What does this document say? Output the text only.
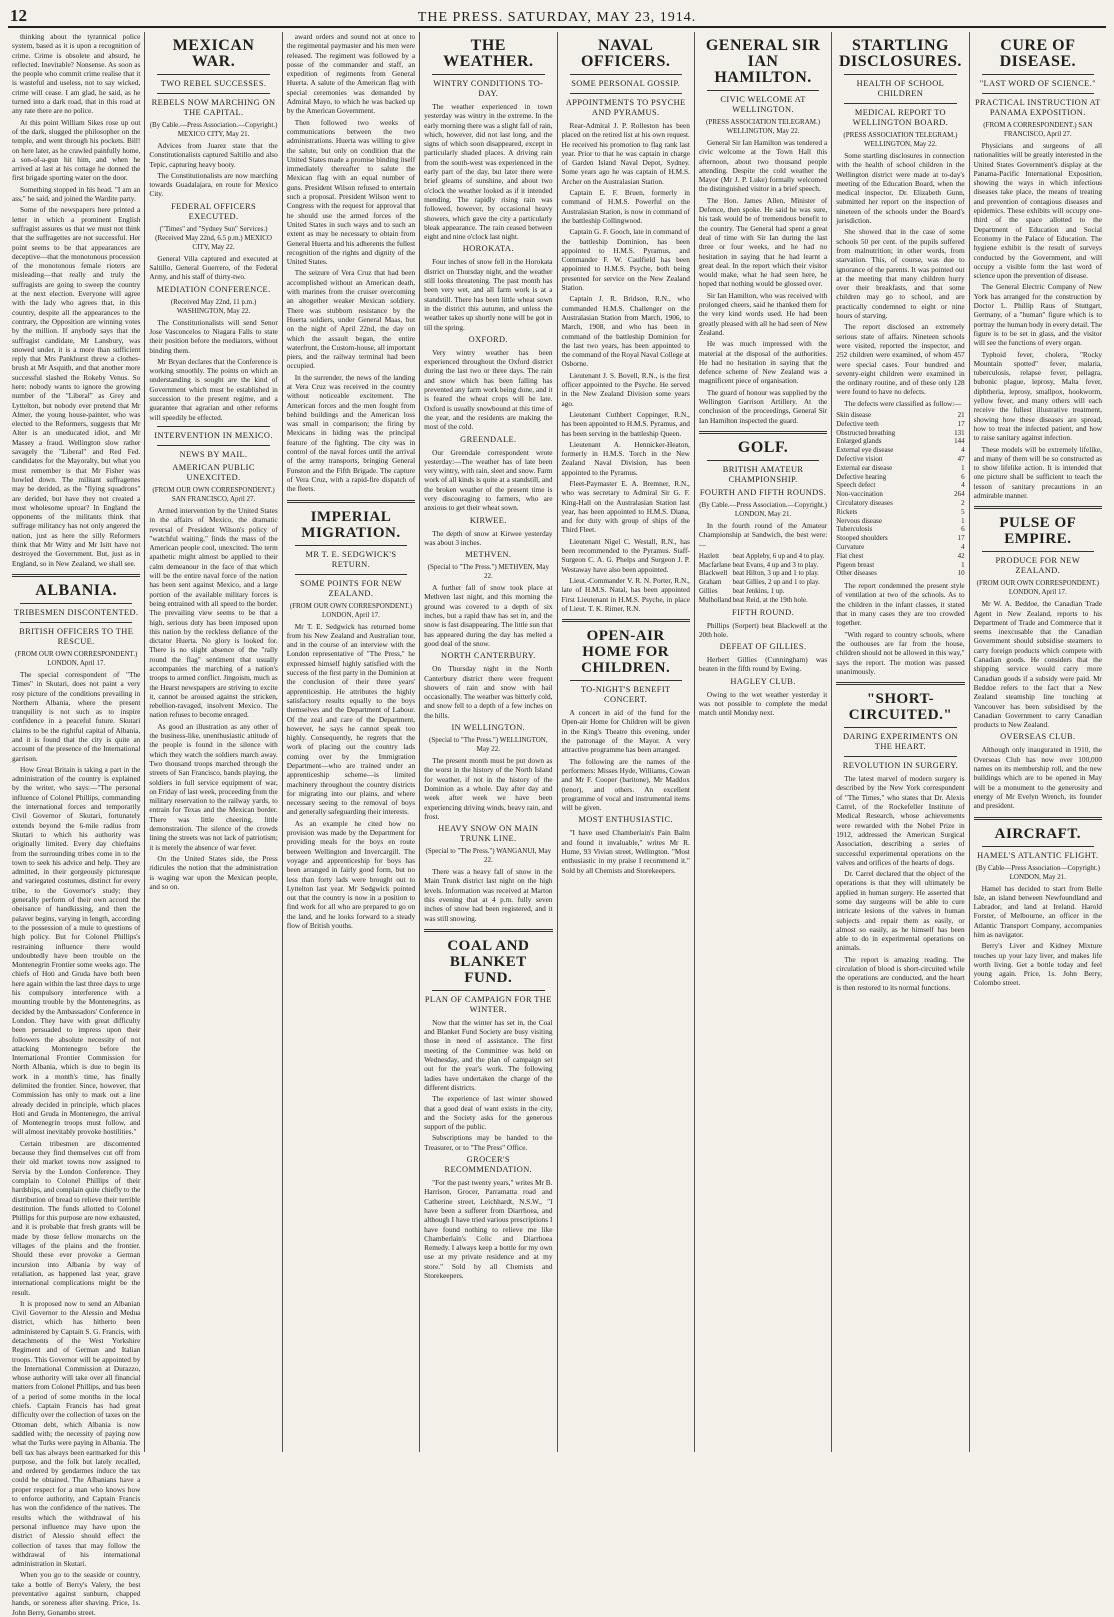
12	THE PRESS. SATURDAY, MAY 23, 1914.

thinking about the tyrannical police system, based as it is upon a recognition of crime. Crime is obsolete and absurd, he reflected. Inevitable? Nonsense. As soon as the people who commit crime realise that it is wasteful and useless, not to say wicked, crime will cease. I am glad, he said, as he turned into a dark road, that in this road at any rate there are no police.

At this point William Sikes rose up out of the dark, slugged the philosopher on the temple, and went through his pockets. Bill! on here later, as he crawled painfully home, a son-of-a-gun hit him, and when he arrived at last at his cottage he donned the first brigade sporting water on the door.

Something stopped in his head. "I am an ass," he said, and joined the Wardite party.

Some of the newspapers here printed a letter in which a prominent English suffragist assures us that we must not think that the suffragettes are not successful. Her point seems to be that appearances are deceptive—that the monotonous procession of the monotonous female rioters are misleading—that really and truly the suffragists are going to sweep the country at the next election. Everyone will agree with the lady who agrees that, in this country, despite all the appearances to the contrary, the Opposition are winning votes by the million. If anybody says that the suffragist candidate, Mr Lansbury, was snowed under, it is a more than sufficient reply that Mrs Pankhurst threw a clothes-brush at Mr Asquith, and that another more successful slashed the Rokeby Venus. So here: nobody wants to ignore the growing number of the "Liberal" as Grey and Lyttelton, but nobody ever pretend that Mr Almer, the young house-painter, who was elected to the Reformers, suggests that Mr Alter is an uneducated idiot, and Mr Massey a fraud. Wellington slow rather savagely the "Liberal" and Red Fed. candidates for the Mayoralty, but what you must remember is that Mr Fisher was howled down. The militant suffragettes may be derided, as the "flying squadrons" are derided, but have they not created a most wholesome uproar? In England the opponents of the militants think that suffrage militancy has not only angered the nation, just as here the silly Reformers think that Mr Witty and Mr Isitt have not destroyed the Government. But, just as in England, so in New Zealand, we shall see.

ALBANIA.
TRIBESMEN DISCONTENTED.
BRITISH OFFICERS TO THE RESCUE.
(FROM OUR OWN CORRESPONDENT.) LONDON, April 17.

The special correspondent of "The Times" in Skutari, does not paint a very rosy picture of the conditions prevailing in Northern Albania, where the present tranquility is not such as to inspire confidence in a peaceful future. Skutari claims to be the rightful capital of Albania, and it is found that the city is quite an account of the presence of the International garrison.

How Great Britain is taking a part in the administration of the country is explained by the writer, who says:—"The personal influence of Colonel Phillips, commanding the international forces and temporarily Civil Governor of Skutari, fortunately extends beyond the 6-mile radius from Skutari to which his authority was originally limited. Every day chieftains from the surrounding tribes come in to the town to seek his advice and help. They are admitted, in their gorgeously picturesque and variegated costumes, distinct for every tribe, to the Governor's study; they generally perform of their own accord the obeisance of handkissing, and then the palaver begins, varying in length, according to the possession of a mule to questions of high policy. But for Colonel Phillips's restraining influence there would undoubtedly have been trouble on the Montenegrin Frontier some weeks ago. The chiefs of Hoti and Gruda have both been here again within the last three days to urge his compulsory interference with a mounting trouble by the Montenegrins, as decided by the Ambassadors' Conference in London. They have with great difficulty been persuaded to impress upon their followers the absolute necessity of not attacking Montenegro before the International Frontier Commission for North Albania, which is due to begin its work in a month's time, has finally delimited the frontier. Since, however, that Commission has only to mark out a line already decided in principle, which places Hoti and Gruda in Montenegro, the arrival of Montenegrin troops must follow, and will almost inevitably provoke hostilities."

Certain tribesmen are discontented because they find themselves cut off from their old market towns now assigned to Servia by the London Conference. They complain to Colonel Phillips of their hardships, and complain quite chiefly to the distribution of bread to relieve their terrible destitution. The funds allotted to Colonel Phillips for this purpose are now exhausted, and it is probable that fresh grants will be made by those fellow monarchs on the villages of the plains and the frontier. Should these ever provoke a German incursion into Albania by way of retaliation, as happened last year, grave international complications might be the result.

It is proposed now to send an Albanian Civil Governor to the Alessio and Medua district, which has hitherto been administered by Captain S. G. Francis, with detachments of the West Yorkshire Regiment and of German and Italian troops. This Governor will be appointed by the International Commission at Durazzo, whose authority will take over all financial matters from Colonel Phillips, and has been of a period of some months in the local chiefs. Captain Francis has had great difficulty over the collection of taxes on the Ottoman debt, which Albania is now saddled with; the necessity of paying now what the Turks were paying in Albania. The bell tax has always been earmarked for this purpose, and the folk but lately recalled, and ordered by gendarmes induce the tax could be obtained. The Albanians have a proper respect for a man who knows how to enforce authority, and Captain Francis has won the confidence of the natives. The results which the withdrawal of his personal influence may have upon the district of Alessio should effect the collection of taxes that may follow the withdrawal of his international administration in Skutari.

When you go to the seaside or country, take a bottle of Berry's Valery, the best preventative against sunburn, chapped hands, or soreness after shaving. Price, 1s. John Berry, Gonambo street.

MEXICAN WAR.
TWO REBEL SUCCESSES.
REBELS NOW MARCHING ON THE CAPITAL.
(By Cable.—Press Association.—Copyright.) MEXICO CITY, May 21.

Advices from Juarez state that the Constitutionalists captured Saltillo and also Tepic, capturing heavy booty.

The Constitutionalists are now marching towards Guadalajara, en route for Mexico City.

FEDERAL OFFICERS EXECUTED.
("Times" and "Sydney Sun" Services.) (Received May 22nd, 6.5 p.m.) MEXICO CITY, May 22.

General Villa captured and executed at Saltillo, General Guerrero, of the Federal Army, and his staff of thirty-two.

MEDIATION CONFERENCE.
(Received May 22nd, 11 p.m.) WASHINGTON, May 22.

The Constitutionalists will send Senor Jose Vasconcelos to Niagara Falls to state their position before the mediators, without binding them.

Mr Bryan declares that the Conference is working smoothly. The points on which an understanding is sought are the kind of Government which must be established in succession to the present regime, and a guarantee that agrarian and other reforms will speedily be effected.

INTERVENTION IN MEXICO.
NEWS BY MAIL.
AMERICAN PUBLIC UNEXCITED.
(FROM OUR OWN CORRESPONDENT.) SAN FRANCISCO, April 27.

Armed intervention by the United States in the affairs of Mexico, the dramatic reversal of President Wilson's policy of "watchful waiting," finds the mass of the American people cool, unexcited. The term apathetic might almost be applied to their calm demeanour in the face of that which will be the entire naval force of the nation has been sent against Mexico, and a large portion of the available military forces is being entrained with all speed to the border. The prevailing view seems to be that a high, serious duty has been imposed upon this nation by the reckless defiance of the dictator Huerta. No glory is looked for. There is no slight absence of the "rally round the flag" sentiment that usually accompanies the marching of a nation's troops to armed conflict. Jingoism, much as the Hearst newspapers are striving to excite it, cannot be aroused against the stricken, rebellion-ravaged, insolvent Mexico. The nation refuses to become enraged.

As good an illustration as any other of the business-like, unenthusiastic attitude of the people is found in the silence with which they watch the soldiers march away. Two thousand troops marched through the streets of San Francisco, bands playing, the soldiers in full service equipment of war, on Friday of last week, proceeding from the military reservation to the railway yards, to entrain for Texas and the Mexican border. There was little cheering, little demonstration. The silence of the crowds lining the streets was not lack of patriotism; it is merely the absence of war fever.

On the United States side, the Press ridicules the notion that the administration is waging war upon the Mexican people, and so on.

award orders and sound not at once to the regimental paymaster and his men were released. The regiment was followed by a posse of the commander and staff, an expedition of regiments from General Huerta. A salute of the American flag with special ceremonies was demanded by Admiral Mayo, to which he was backed up by the American Government.

Then followed two weeks of communications between the two administrations. Huerta was willing to give the salute, but only on condition that the United States made a promise binding itself immediately thereafter to salute the Mexican flag with an equal number of guns. President Wilson refused to entertain such a proposal. President Wilson went to Congress with the request for approval that he should use the armed forces of the United States in such ways and to such an extent as may be necessary to obtain from General Huerta and his adherents the fullest recognition of the rights and dignity of the United States.

The seizure of Vera Cruz that had been accomplished without an American death, with marines from the cruiser overcoming an altogether weaker Mexican soldiery. There was stubborn resistance by the Huerta soldiers, under General Maas, but on the night of April 22nd, the day on which the assault began, the entire waterfront, the Custom-house, all important piers, and the railway terminal had been occupied.

In the surrender, the news of the landing at Vera Cruz was received in the country without noticeable excitement. The American forces and the men fought from behind buildings and the American loss was small in comparison; the firing by Mexicans in hiding was the principal feature of the fighting. The city was in control of the naval forces until the arrival of the army transports, bringing General Funston and the Fifth Brigade. The capture of Vera Cruz, with a rapid-fire dispatch of the fleets.

IMPERIAL MIGRATION.
MR T. E. SEDGWICK'S RETURN.
SOME POINTS FOR NEW ZEALAND.
(FROM OUR OWN CORRESPONDENT.) LONDON, April 17.

Mr T. E. Sedgwick has returned home from his New Zealand and Australian tour, and in the course of an interview with the London representative of "The Press," he expressed himself highly satisfied with the success of the first party in the Dominion at the conclusion of their three years' apprenticeship. He attributes the highly satisfactory results equally to the boys themselves and the Department of Labour. Of the zeal and care of the Department, however, he says he cannot speak too highly. Consequently, he regrets that the work of placing out the country lads coming over by the Immigration Department—who are trained under an apprenticeship scheme—is limited machinery throughout the country districts for migrating into our plains, and where necessary seeing to the removal of boys and generally safeguarding their interests.

As an example he cited how no provision was made by the Department for providing meals for the boys en route between Wellington and Invercargill. The voyage and apprenticeship for boys has been arranged in fairly good form, but no less than forty lads were brought out to Lyttelton last year. Mr Sedgwick pointed out that the country is now in a position to find work for all who are prepared to go on the land, and he looks forward to a steady flow of British youths.

THE WEATHER.
WINTRY CONDITIONS TO-DAY.

The weather experienced in town yesterday was wintry in the extreme. In the early morning there was a slight fall of rain, which, however, did not last long, and the signs of which soon disappeared, except in particularly shaded places. A driving rain from the south-west was experienced in the early part of the day, but later there were brief gleams of sunshine, and about two o'clock the weather looked as if it intended mending. The rapidly rising rain was followed, however, by occasional heavy showers, which gave the city a particularly bleak appearance. The rain ceased between eight and nine o'clock last night.

HOROKATA.

Four inches of snow fell in the Horokata district on Thursday night, and the weather still looks threatening. The past month has been very wet, and all farm work is at a standstill. There has been little wheat sown in the district this autumn, and unless the weather takes up shortly none will be got in till the spring.

OXFORD.

Very wintry weather has been experienced throughout the Oxford district during the last two or three days. The rain and snow which has been falling has prevented any farm work being done, and it is feared the wheat crops will be late. Oxford is usually snowbound at this time of the year, and the residents are making the most of the cold.

GREENDALE.

Our Greendale correspondent wrote yesterday:—The weather has of late been very wintry, with rain, sleet and snow. Farm work of all kinds is quite at a standstill, and the broken weather of the present time is very discouraging to farmers, who are anxious to get their wheat sown.

KIRWEE.

The depth of snow at Kirwee yesterday was about 3 inches.

METHVEN.
(Special to "The Press.") METHVEN, May 22.

A further fall of snow took place at Methven last night, and this morning the ground was covered to a depth of six inches, but a rapid thaw has set in, and the snow is fast disappearing. The little sun that has appeared during the day has melted a good deal of the snow.

NORTH CANTERBURY.

On Thursday night in the North Canterbury district there were frequent showers of rain and snow with hail occasionally. The weather was bitterly cold, and snow fell to a depth of a few inches on the hills.

IN WELLINGTON.
(Special to "The Press.") WELLINGTON, May 22.

The present month must be put down as the worst in the history of the North Island for weather, if not in the history of the Dominion as a whole. Day after day and week after week we have been experiencing driving winds, heavy rain, and frost.

HEAVY SNOW ON MAIN TRUNK LINE.
(Special to "The Press.") WANGANUI, May 22.

There was a heavy fall of snow in the Main Trunk district last night on the high levels. Information was received at Marton this evening that at 4 p.m. fully seven inches of snow had been registered, and it was still snowing.

COAL AND BLANKET FUND.
PLAN OF CAMPAIGN FOR THE WINTER.

Now that the winter has set in, the Coal and Blanket Fund Society are busy visiting those in need of assistance. The first meeting of the Committee was held on Wednesday, and the plan of campaign set out for the year's work. The following ladies have undertaken the charge of the different districts.

The experience of last winter showed that a good deal of want exists in the city, and the Society asks for the generous support of the public.

Subscriptions may be handed to the Treasurer, or to "The Press" Office.

GROCER'S RECOMMENDATION.

"For the past twenty years," writes Mr B. Harrison, Grocer, Parramatta road and Catherine street, Leichhardt, N.S.W., "I have been a sufferer from Diarrhoea, and although I have tried various prescriptions I have found nothing to relieve me like Chamberlain's Colic and Diarrhoea Remedy. I always keep a bottle for my own use at my private residence and at my store." Sold by all Chemists and Storekeepers.

NAVAL OFFICERS.
SOME PERSONAL GOSSIP.
APPOINTMENTS TO PSYCHE AND PYRAMUS.

Rear-Admiral J. P. Rolleston has been placed on the retired list at his own request. He received his promotion to flag rank last year. Prior to that he was captain in charge of Garden Island Naval Depot, Sydney. Some years ago he was captain of H.M.S. Archer on the Australasian Station.

Captain E. F. Bruen, formerly in command of H.M.S. Powerful on the Australasian Station, is now in command of the battleship Collingwood.

Captain G. F. Gooch, late in command of the battleship Dominion, has been appointed to H.M.S. Pyramus, and Commander F. W. Caulfield has been appointed to H.M.S. Psyche, both being presented for service on the New Zealand Station.

Captain J. R. Bridson, R.N., who commanded H.M.S. Challenger on the Australasian Station from March, 1906, to March, 1908, and who has been in command of the battleship Dominion for the last two years, has been appointed to the command of the Royal Naval College at Osborne.

Lieutenant J. S. Bovell, R.N., is the first officer appointed to the Psyche. He served in the New Zealand Division some years ago.

Lieutenant Cuthbert Coppinger, R.N., has been appointed to H.M.S. Pyramus, and has been serving in the battleship Queen.

Lieutenant A. Hennicker-Heaton, formerly in H.M.S. Torch in the New Zealand Naval Division, has been appointed to the Pyramus.

Fleet-Paymaster E. A. Bremner, R.N., who was secretary to Admiral Sir G. F. King-Hall on the Australasian Station last year, has been appointed to H.M.S. Diana, and for duty with group of ships of the Third Fleet.

Lieutenant Nigel C. Westall, R.N., has been recommended to the Pyramus. Staff-Surgeon C. A. G. Phelps and Surgeon J. P. Westaway have also been appointed.

Lieut.-Commander V. R. N. Porter, R.N., late of H.M.S. Natal, has been appointed First Lieutenant in H.M.S. Psyche, in place of Lieut. T. K. Rimer, R.N.

OPEN-AIR HOME FOR CHILDREN.
TO-NIGHT'S BENEFIT CONCERT.

A concert in aid of the fund for the Open-air Home for Children will be given in the King's Theatre this evening, under the patronage of the Mayor. A very attractive programme has been arranged.

The following are the names of the performers: Misses Hyde, Williams, Cowan and Mr F. Cooper (baritone), Mr Maddox (tenor), and others. An excellent programme of vocal and instrumental items will be given.

MOST ENTHUSIASTIC.

"I have used Chamberlain's Pain Balm and found it invaluable," writes Mr R. Hume, 93 Vivian street, Wellington. "Most enthusiastic in my praise I recommend it." Sold by all Chemists and Storekeepers.

GENERAL SIR IAN HAMILTON.
CIVIC WELCOME AT WELLINGTON.
(PRESS ASSOCIATION TELEGRAM.) WELLINGTON, May 22.

General Sir Ian Hamilton was tendered a civic welcome at the Town Hall this afternoon, about two thousand people attending. Despite the cold weather the Mayor (Mr J. P. Luke) formally welcomed the distinguished visitor in a brief speech.

The Hon. James Allen, Minister of Defence, then spoke. He said he was sure, his task would be of tremendous benefit to the country. The General had spent a great deal of time with Sir Ian during the last three or four weeks, and he had no hesitation in saying that he had learnt a great deal. In the report which their visitor would make, what he had seen here, he hoped that nothing would be glossed over.

Sir Ian Hamilton, who was received with prolonged cheers, said he thanked them for the very kind words used. He had been greatly pleased with all he had seen of New Zealand.

He was much impressed with the material at the disposal of the authorities. He had no hesitation in saying that the defence scheme of New Zealand was a magnificent piece of organisation.

The guard of honour was supplied by the Wellington Garrison Artillery. At the conclusion of the proceedings, General Sir Ian Hamilton inspected the guard.

GOLF.
BRITISH AMATEUR CHAMPIONSHIP.
FOURTH AND FIFTH ROUNDS.
(By Cable.—Press Association.—Copyright.) LONDON, May 21.

In the fourth round of the Amateur Championship at Sandwich, the best were:—

Hazlett	beat Appleby, 6 up and 4 to play.
Macfarlane	beat Evans, 4 up and 3 to play.
Blackwell	beat Hilton, 3 up and 1 to play.
Graham	beat Gillies, 2 up and 1 to play.
Gillies	beat Jenkins, 1 up.
Mulholland	beat Reid, at the 19th hole.
FIFTH ROUND.

Phillips (Sorpert) beat Blackwell at the 20th hole.

DEFEAT OF GILLIES.

Herbert Gillies (Cunningham) was beaten in the fifth round by Ewing.

HAGLEY CLUB.

Owing to the wet weather yesterday it was not possible to complete the medal match until Monday next.

STARTLING DISCLOSURES.
HEALTH OF SCHOOL CHILDREN
MEDICAL REPORT TO WELLINGTON BOARD.
(PRESS ASSOCIATION TELEGRAM.) WELLINGTON, May 22.

Some startling disclosures in connection with the health of school children in the Wellington district were made at to-day's meeting of the Education Board, when the medical inspector, Dr. Elizabeth Gunn, submitted her report on the inspection of nineteen of the schools under the Board's jurisdiction.

She showed that in the case of some schools 50 per cent. of the pupils suffered from malnutrition; in other words, from starvation. This, of course, was due to ignorance of the parents. It was pointed out at the meeting that many children hurry over their breakfasts, and that some children may go to school, and are practically condemned to eight or nine hours of starving.

The report disclosed an extremely serious state of affairs. Nineteen schools were visited, reported the inspector, and 252 children were examined, of whom 457 were special cases. Four hundred and seventy-eight children were examined in the ordinary routine, and of these only 128 were found to have no defects.

The defects were classified as follow:—

Skin disease	21
Defective teeth	17
Obstructed breathing	131
Enlarged glands	144
External eye disease	4
Defective vision	47
External ear disease	1
Defective hearing	6
Speech defect	4
Non-vaccination	264
Circulatory diseases	2
Rickets	5
Nervous disease	1
Tuberculosis	6
Stooped shoulders	17
Curvature	4
Flat chest	42
Pigeon breast	1
Other diseases	10

The report condemned the present style of ventilation at two of the schools. As to the children in the infant classes, it stated that in many cases they are too crowded together.

"With regard to country schools, where the outhouses are far from the house, children should not be allowed in this way," says the report. The motion was passed unanimously.

"SHORT-CIRCUITED."
DARING EXPERIMENTS ON THE HEART.
REVOLUTION IN SURGERY.

The latest marvel of modern surgery is described by the New York correspondent of "The Times," who states that Dr. Alexis Carrel, of the Rockefeller Institute of Medical Research, whose achievements were rewarded with the Nobel Prize in 1912, addressed the American Surgical Association, describing a series of successful experimental operations on the valves and orifices of the hearts of dogs.

Dr. Carrel declared that the object of the operations is that they will ultimately be applied in human surgery. He asserted that some day surgeons will be able to cure intricate lesions of the valves in human subjects and repair them as easily, or almost so easily, as he himself has been able to do in experimental operations on animals.

The report is amazing reading. The circulation of blood is short-circuited while the operations are conducted, and the heart is then restored to its normal functions.

CURE OF DISEASE.
"LAST WORD OF SCIENCE."
PRACTICAL INSTRUCTION AT PANAMA EXPOSITION.
(FROM A CORRESPONDENT.) SAN FRANCISCO, April 27.

Physicians and surgeons of all nationalities will be greatly interested in the United States Government's display at the Panama-Pacific International Exposition, showing the ways in which infectious diseases take place, the means of treating and prevention of contagious diseases and epidemics. These exhibits will occupy one-third of the space allotted to the Department of Education and Social Economy in the Palace of Education. The hygiene exhibit is the result of surveys conducted by the Government, and will occupy a visible form the last word of science upon the prevention of disease.

The General Electric Company of New York has arranged for the construction by Doctor L. Phillip Raus of Stuttgart, Germany, of a "human" figure which is to portray the human body in every detail. The figure is to be set in glass, and the visitor will see the functions of every organ.

Typhoid fever, cholera, "Rocky Mountain spotted" fever, malaria, tuberculosis, relapse fever, pellagra, bubonic plague, leprosy, Malta fever, diphtheria, leprosy, smallpox, hookworm, yellow fever, and many others will each receive the fullest illustrative treatment, showing how these diseases are spread, how to treat the infected patient, and how to raise sanitary against infection.

These models will be extremely lifelike, and many of them will be so constructed as to show lifelike action. It is intended that one picture shall be sufficient to teach the lesson of sanitary precautions in an admirable manner.

PULSE OF EMPIRE.
PRODUCE FOR NEW ZEALAND.
(FROM OUR OWN CORRESPONDENT.) LONDON, April 17.

Mr W. A. Beddoe, the Canadian Trade Agent in New Zealand, reports to his Department of Trade and Commerce that it seems inexcusable that the Canadian Government should subsidise steamers to carry foreign products which compete with Canadian goods. He considers that the shipping service would carry more Canadian goods if a subsidy were paid. Mr Beddoe refers to the fact that a New Zealand steamship line touching at Vancouver has been subsidised by the Canadian Government to carry Canadian products to New Zealand.

OVERSEAS CLUB.

Although only inaugurated in 1910, the Overseas Club has now over 100,000 names on its membership roll, and the new buildings which are to be opened in May will be a monument to the generosity and energy of Mr Evelyn Wrench, its founder and president.

AIRCRAFT.
HAMEL'S ATLANTIC FLIGHT.
(By Cable—Press Association—Copyright.) LONDON, May 21.

Hamel has decided to start from Belle Isle, an island between Newfoundland and Labrador, and land at Ireland. Harold Forster, of Melbourne, an officer in the Atlantic Transport Company, accompanies him as navigator.

Berry's Liver and Kidney Mixture touches up your lazy liver, and makes life worth living. Get a bottle today and feel young again. Price, 1s. John Berry, Colombo street.
